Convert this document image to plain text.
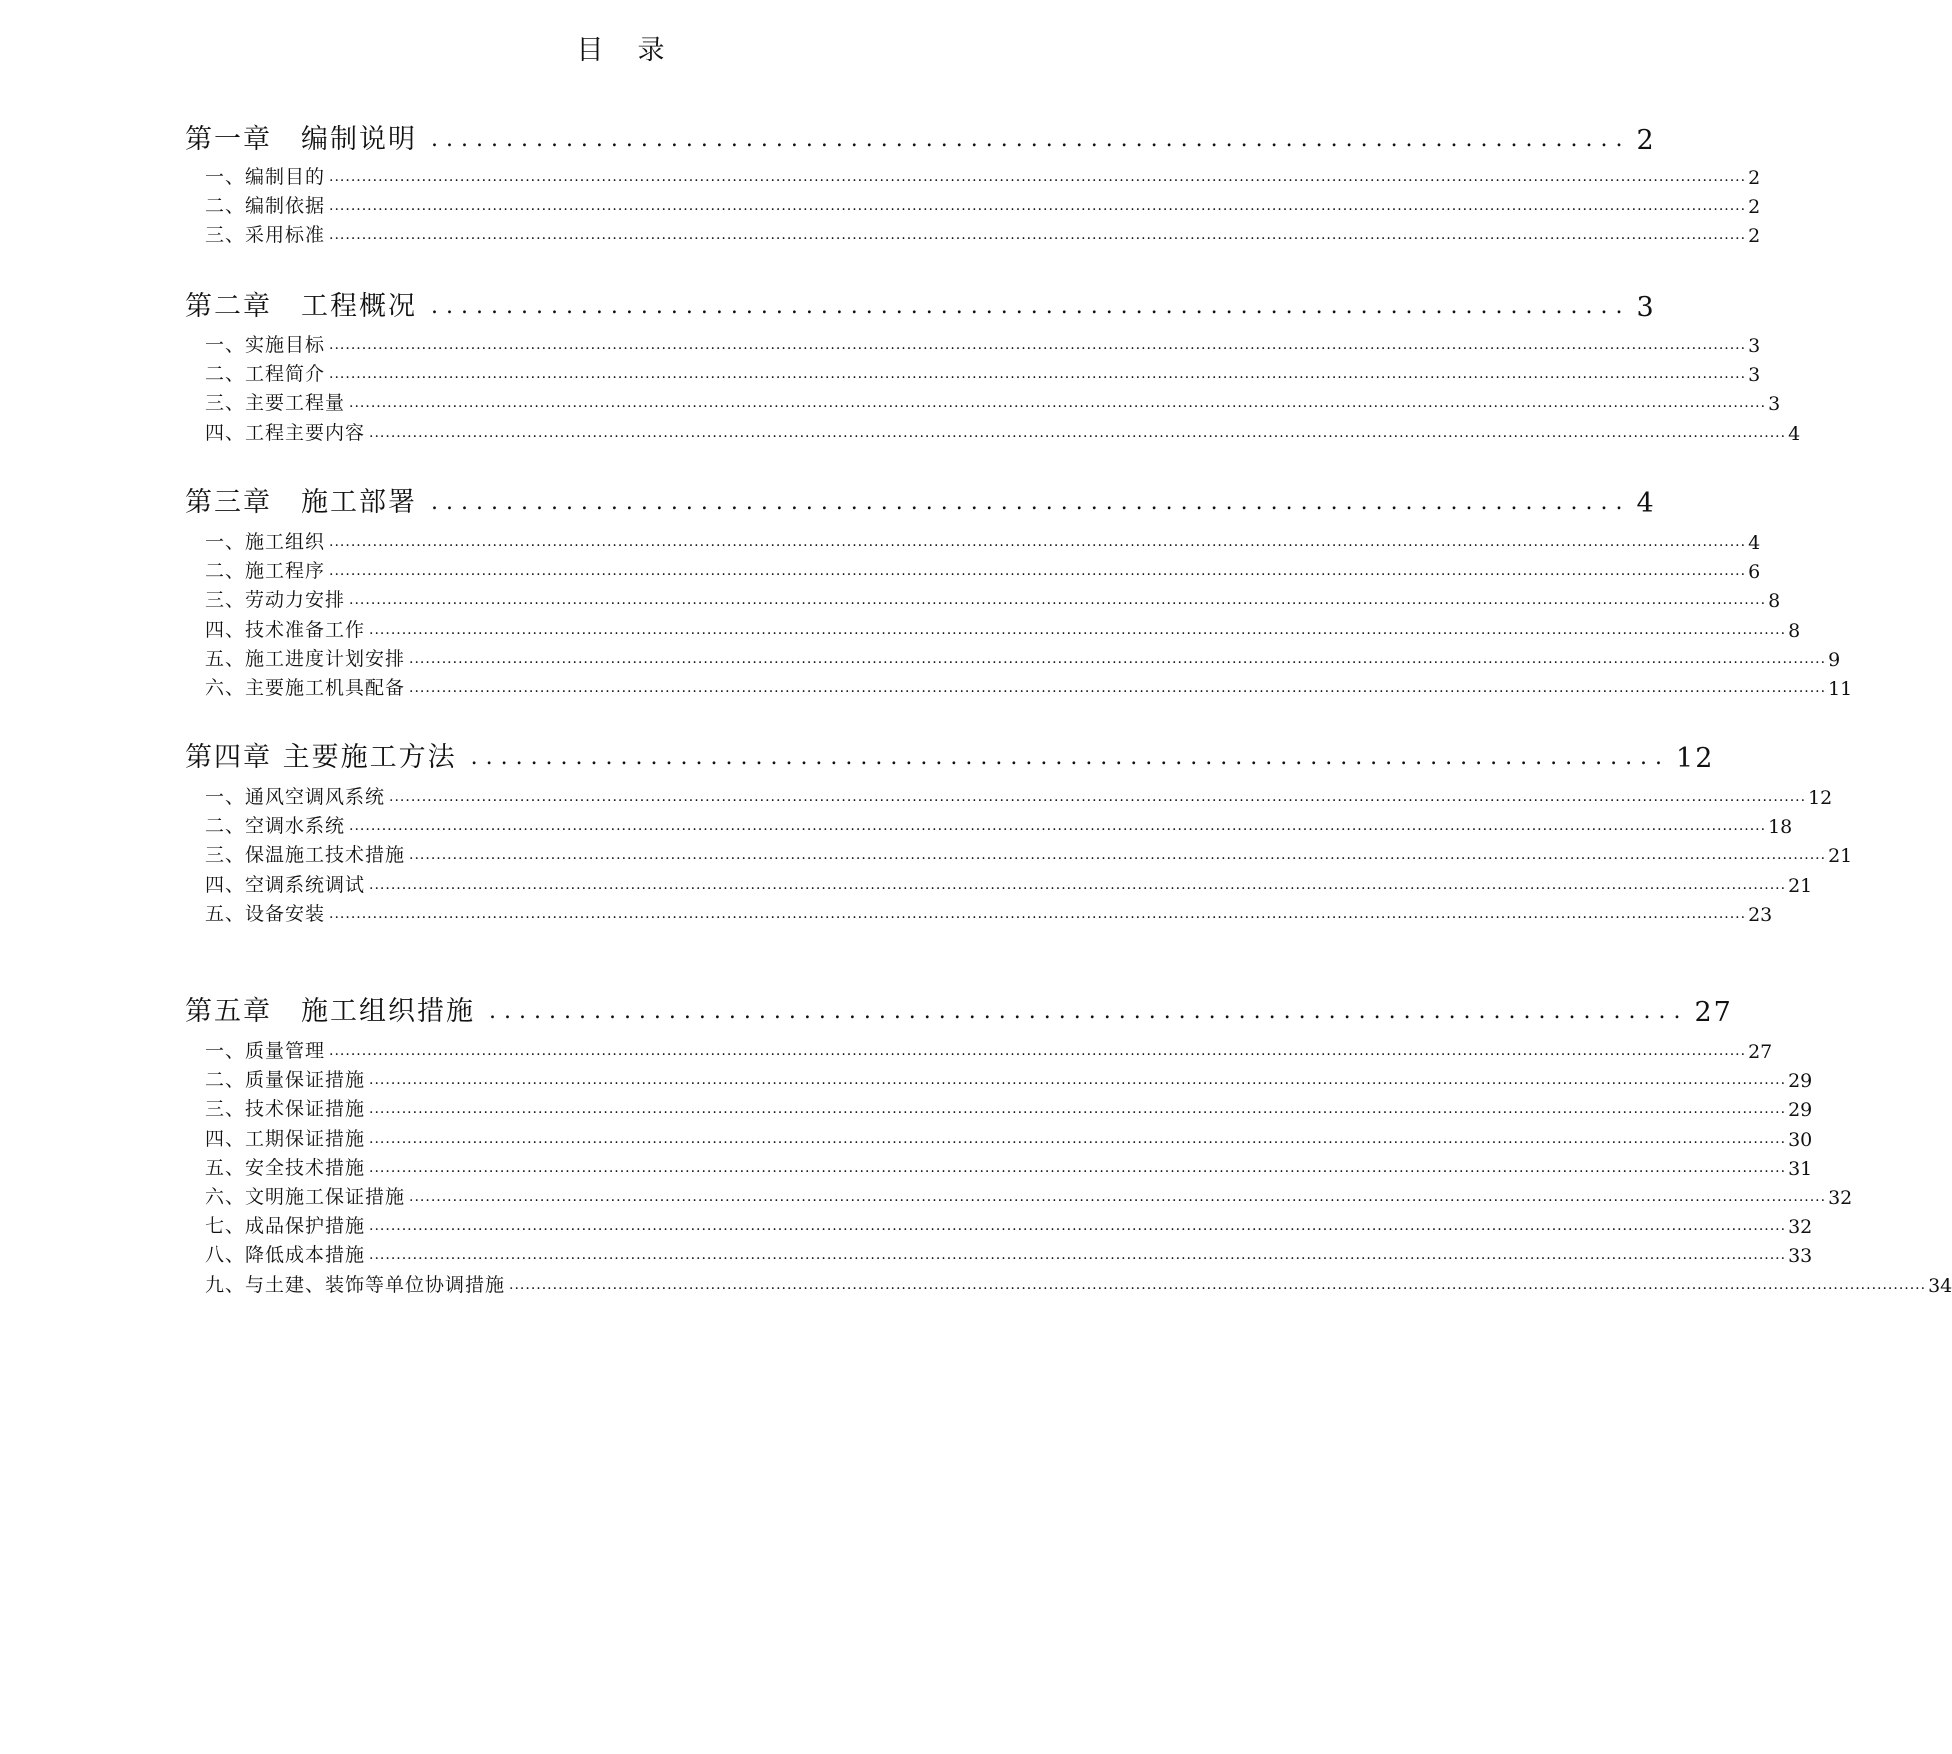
目录
第一章　编制说明 ................................................................................ 2
一、编制目的 .................................................................................................................................................................................................................................................................... 2
二、编制依据 .................................................................................................................................................................................................................................................................... 2
三、采用标准 .................................................................................................................................................................................................................................................................... 2
第二章　工程概况 ................................................................................ 3
一、实施目标 .................................................................................................................................................................................................................................................................... 3
二、工程简介 .................................................................................................................................................................................................................................................................... 3
三、主要工程量 .................................................................................................................................................................................................................................................................... 3
四、工程主要内容 .................................................................................................................................................................................................................................................................... 4
第三章　施工部署 ................................................................................ 4
一、施工组织 .................................................................................................................................................................................................................................................................... 4
二、施工程序 .................................................................................................................................................................................................................................................................... 6
三、劳动力安排 .................................................................................................................................................................................................................................................................... 8
四、技术准备工作 .................................................................................................................................................................................................................................................................... 8
五、施工进度计划安排 .................................................................................................................................................................................................................................................................... 9
六、主要施工机具配备 .................................................................................................................................................................................................................................................................... 11
第四章 主要施工方法 ................................................................................ 12
一、通风空调风系统 .................................................................................................................................................................................................................................................................... 12
二、空调水系统 .................................................................................................................................................................................................................................................................... 18
三、保温施工技术措施 .................................................................................................................................................................................................................................................................... 21
四、空调系统调试 .................................................................................................................................................................................................................................................................... 21
五、设备安装 .................................................................................................................................................................................................................................................................... 23
第五章　施工组织措施 ................................................................................ 27
一、质量管理 .................................................................................................................................................................................................................................................................... 27
二、质量保证措施 .................................................................................................................................................................................................................................................................... 29
三、技术保证措施 .................................................................................................................................................................................................................................................................... 29
四、工期保证措施 .................................................................................................................................................................................................................................................................... 30
五、安全技术措施 .................................................................................................................................................................................................................................................................... 31
六、文明施工保证措施 .................................................................................................................................................................................................................................................................... 32
七、成品保护措施 .................................................................................................................................................................................................................................................................... 32
八、降低成本措施 .................................................................................................................................................................................................................................................................... 33
九、与土建、装饰等单位协调措施 .................................................................................................................................................................................................................................................................... 34
